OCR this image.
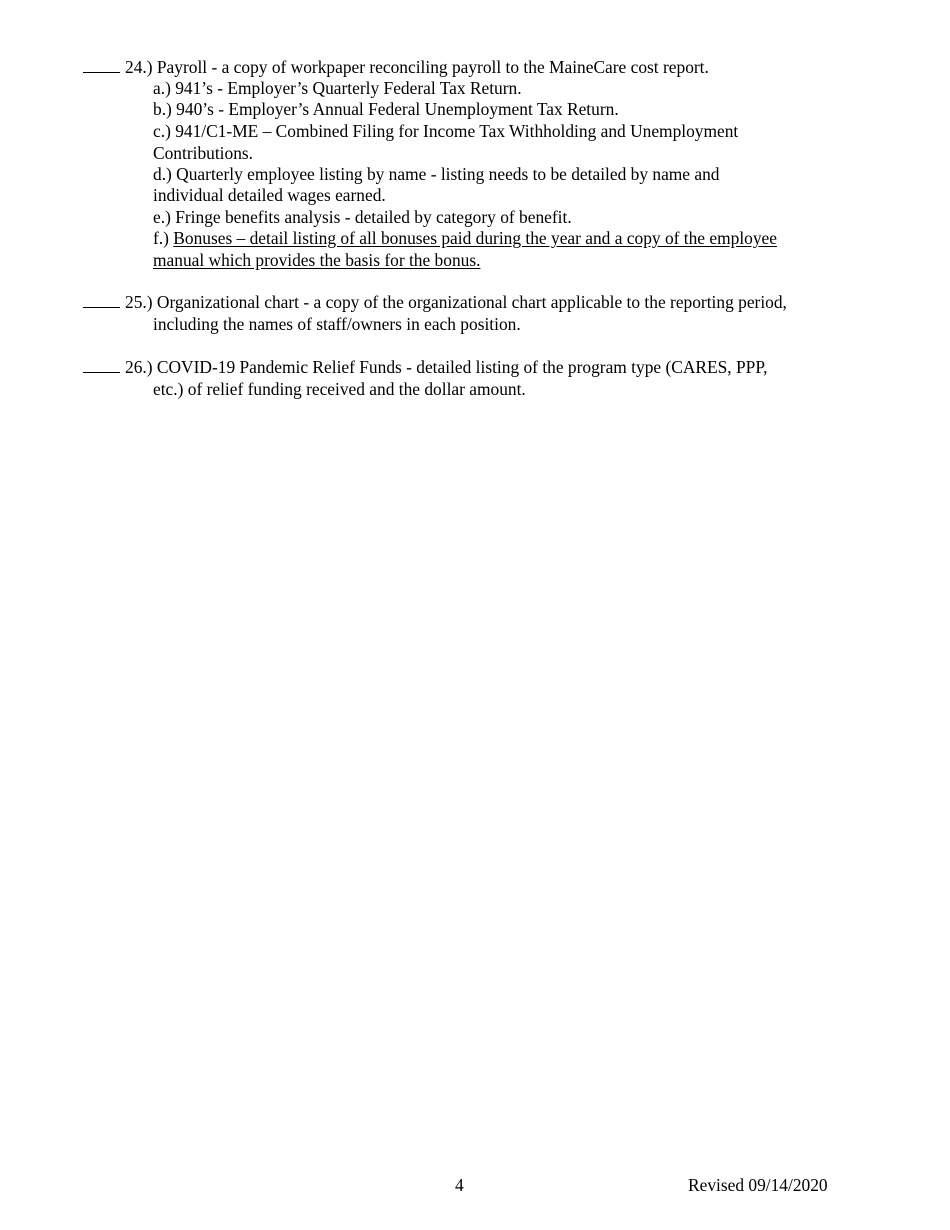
24.) Payroll - a copy of workpaper reconciling payroll to the MaineCare cost report.
a.) 941’s - Employer’s Quarterly Federal Tax Return.
b.) 940’s - Employer’s Annual Federal Unemployment Tax Return.
c.) 941/C1-ME – Combined Filing for Income Tax Withholding and Unemployment
Contributions.
d.) Quarterly employee listing by name - listing needs to be detailed by name and
individual detailed wages earned.
e.) Fringe benefits analysis - detailed by category of benefit.
f.) Bonuses – detail listing of all bonuses paid during the year and a copy of the employee
manual which provides the basis for the bonus.
25.) Organizational chart - a copy of the organizational chart applicable to the reporting period,
including the names of staff/owners in each position.
26.) COVID-19 Pandemic Relief Funds - detailed listing of the program type (CARES, PPP,
etc.) of relief funding received and the dollar amount.
4	Revised 09/14/2020
